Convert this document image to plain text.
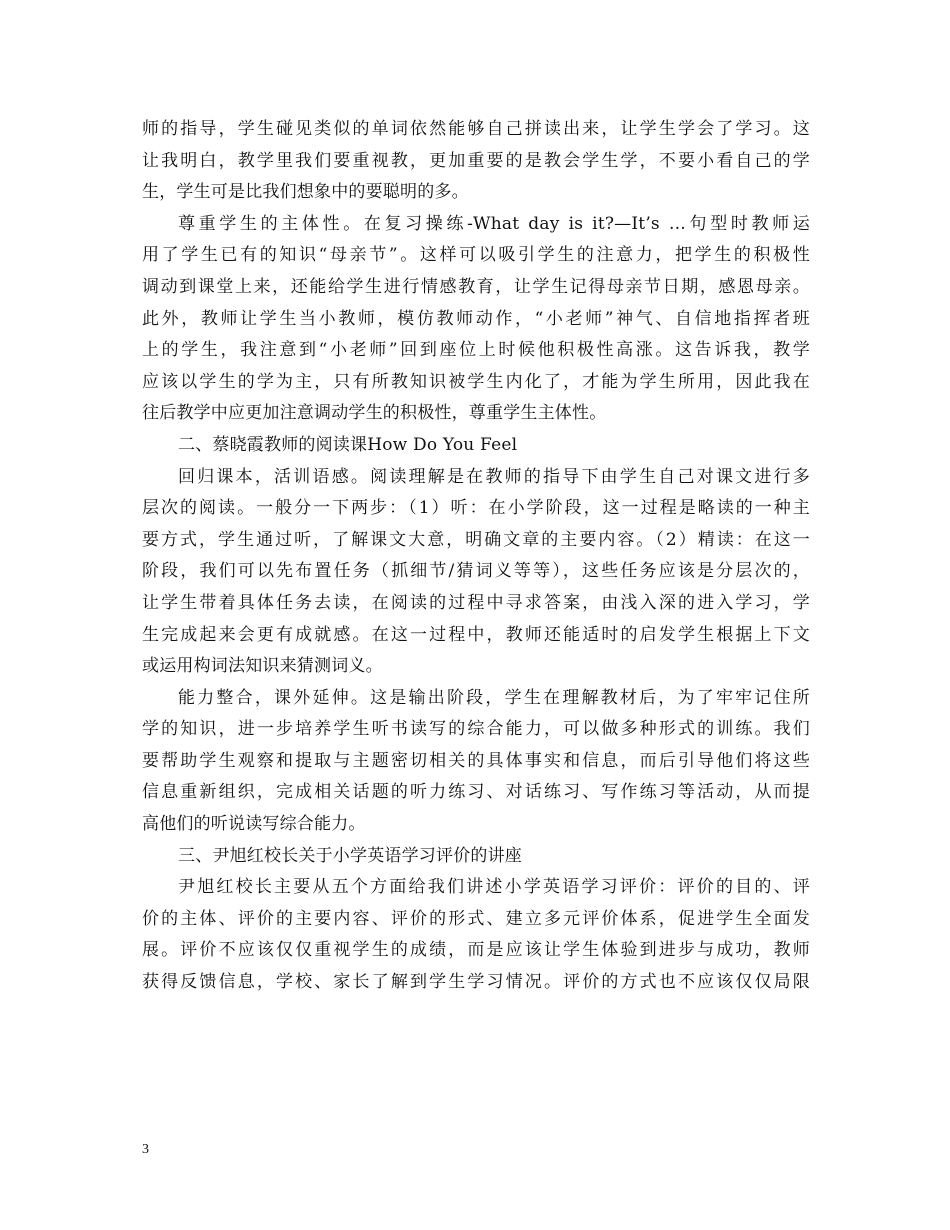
师的指导，学生碰见类似的单词依然能够自己拼读出来，让学生学会了学习。这
让我明白，教学里我们要重视教，更加重要的是教会学生学，不要小看自己的学
生，学生可是比我们想象中的要聪明的多。
尊重学生的主体性。在复习操练-What day is it?—It’s …句型时教师运
用了学生已有的知识“母亲节”。这样可以吸引学生的注意力，把学生的积极性
调动到课堂上来，还能给学生进行情感教育，让学生记得母亲节日期，感恩母亲。
此外，教师让学生当小教师，模仿教师动作，“小老师”神气、自信地指挥者班
上的学生，我注意到“小老师”回到座位上时候他积极性高涨。这告诉我，教学
应该以学生的学为主，只有所教知识被学生内化了，才能为学生所用，因此我在
往后教学中应更加注意调动学生的积极性，尊重学生主体性。
二、蔡晓霞教师的阅读课How Do You Feel
回归课本，活训语感。阅读理解是在教师的指导下由学生自己对课文进行多
层次的阅读。一般分一下两步：（1）听：在小学阶段，这一过程是略读的一种主
要方式，学生通过听，了解课文大意，明确文章的主要内容。（2）精读：在这一
阶段，我们可以先布置任务（抓细节/猜词义等等），这些任务应该是分层次的，
让学生带着具体任务去读，在阅读的过程中寻求答案，由浅入深的进入学习，学
生完成起来会更有成就感。在这一过程中，教师还能适时的启发学生根据上下文
或运用构词法知识来猜测词义。
能力整合，课外延伸。这是输出阶段，学生在理解教材后，为了牢牢记住所
学的知识，进一步培养学生听书读写的综合能力，可以做多种形式的训练。我们
要帮助学生观察和提取与主题密切相关的具体事实和信息，而后引导他们将这些
信息重新组织，完成相关话题的听力练习、对话练习、写作练习等活动，从而提
高他们的听说读写综合能力。
三、尹旭红校长关于小学英语学习评价的讲座
尹旭红校长主要从五个方面给我们讲述小学英语学习评价：评价的目的、评
价的主体、评价的主要内容、评价的形式、建立多元评价体系，促进学生全面发
展。评价不应该仅仅重视学生的成绩，而是应该让学生体验到进步与成功，教师
获得反馈信息，学校、家长了解到学生学习情况。评价的方式也不应该仅仅局限
3
